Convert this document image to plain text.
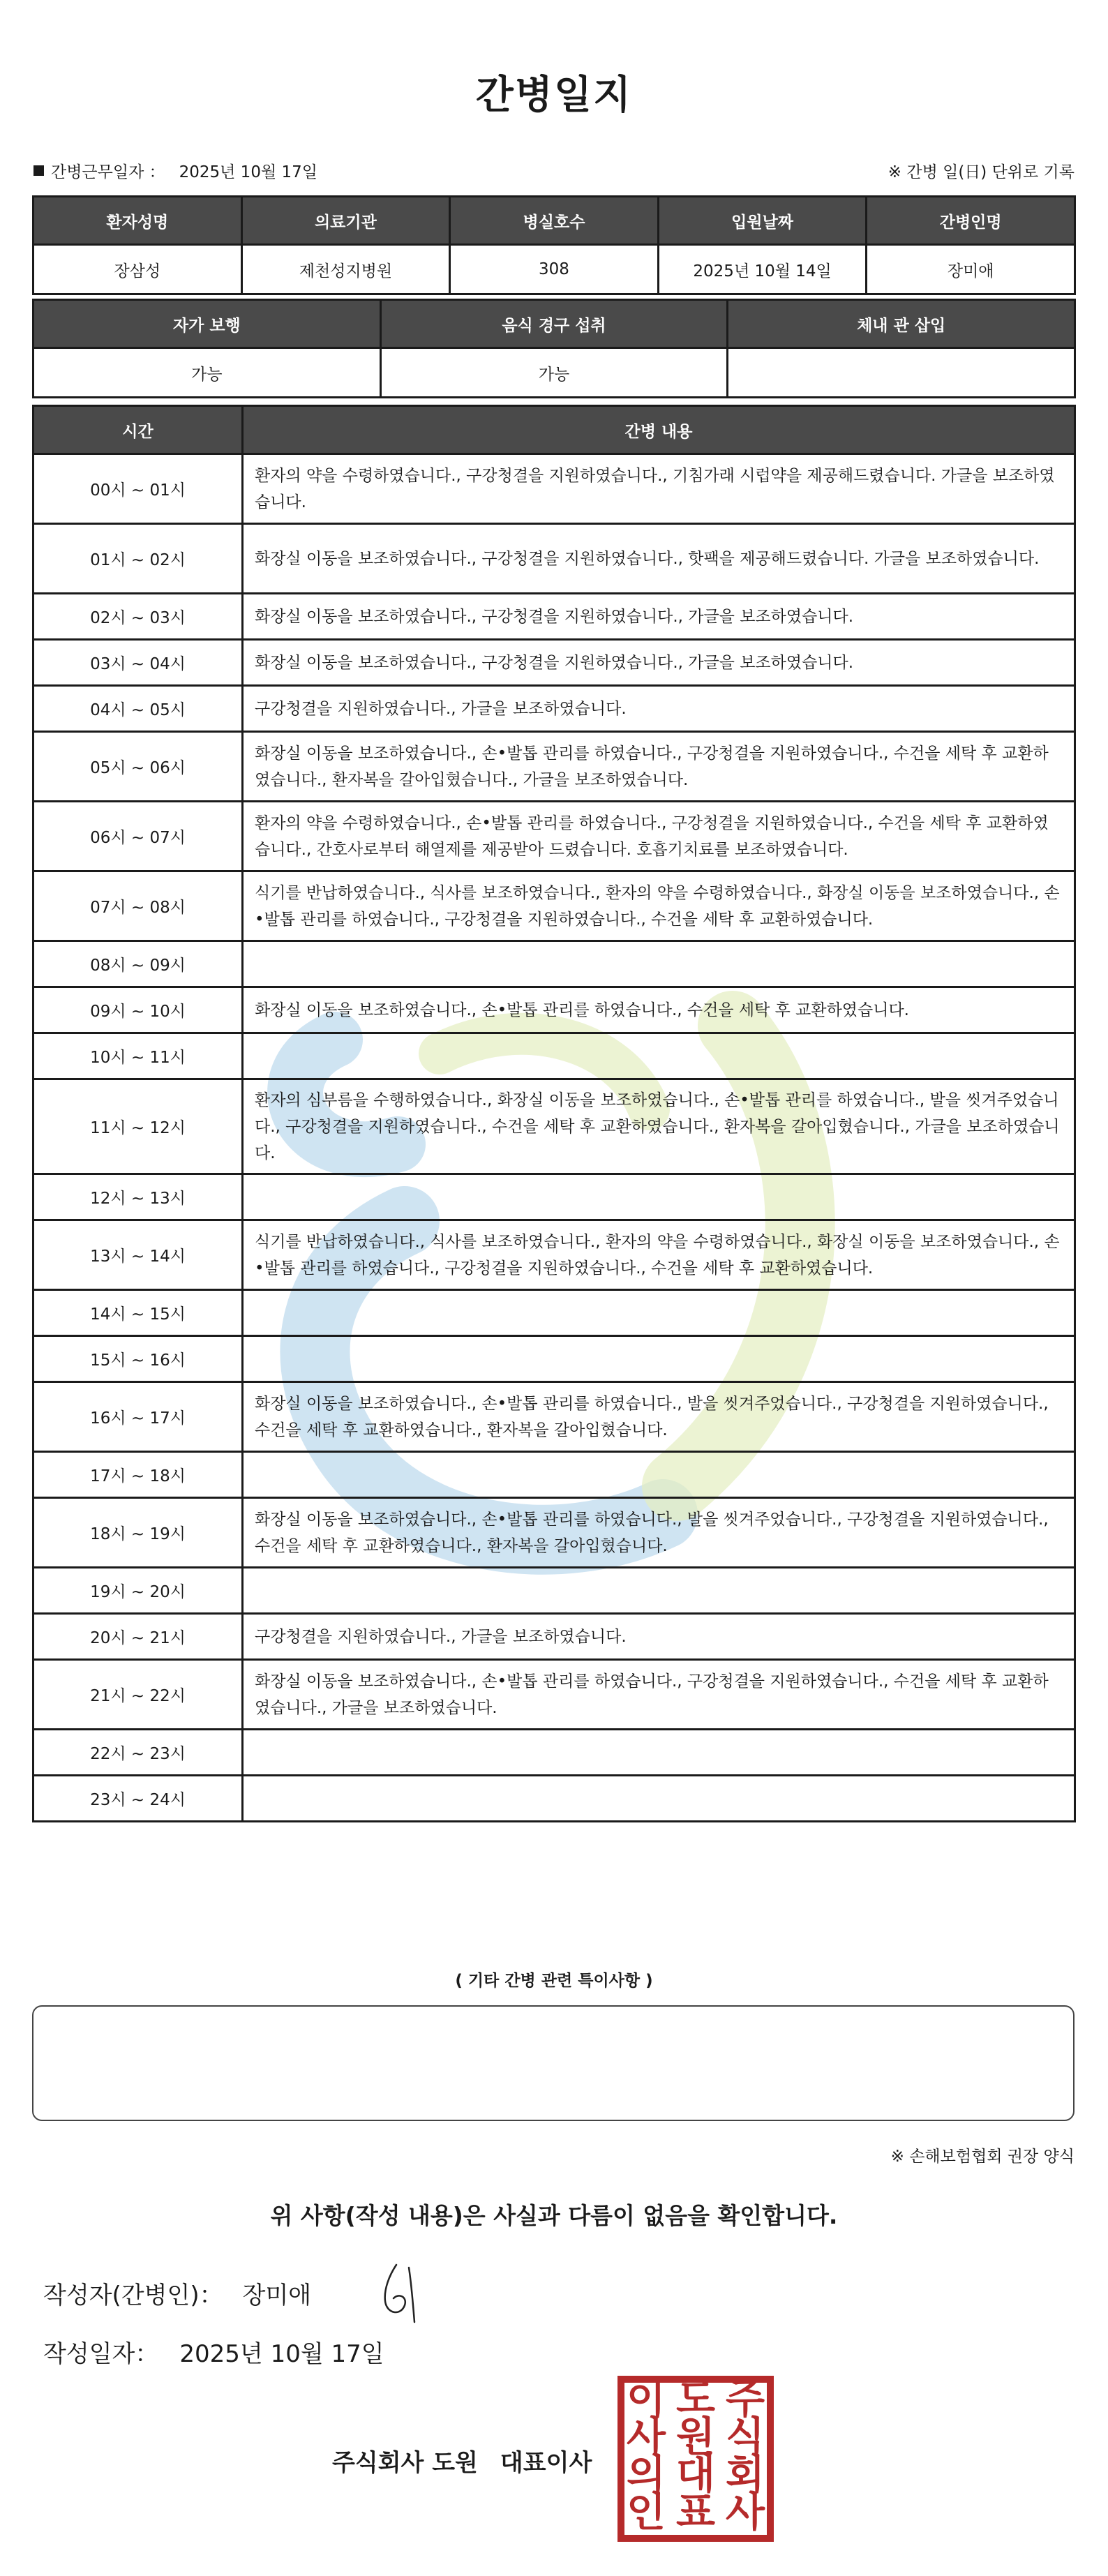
간병일지
간병근무일자 ： 2025년 10월 17일	※ 간병 일(日) 단위로 기록
환자성명	의료기관	병실호수	입원날짜	간병인명
장삼성	제천성지병원	308	2025년 10월 14일	장미애
자가 보행	음식 경구 섭취	체내 관 삽입
가능	가능	
시간	간병 내용
00시 ~ 01시	환자의 약을 수령하였습니다., 구강청결을 지원하였습니다., 기침가래 시럽약을 제공해드렸습니다. 가글을 보조하였습니다.
01시 ~ 02시	화장실 이동을 보조하였습니다., 구강청결을 지원하였습니다., 핫팩을 제공해드렸습니다. 가글을 보조하였습니다.
02시 ~ 03시	화장실 이동을 보조하였습니다., 구강청결을 지원하였습니다., 가글을 보조하였습니다.
03시 ~ 04시	화장실 이동을 보조하였습니다., 구강청결을 지원하였습니다., 가글을 보조하였습니다.
04시 ~ 05시	구강청결을 지원하였습니다., 가글을 보조하였습니다.
05시 ~ 06시	화장실 이동을 보조하였습니다., 손•발톱 관리를 하였습니다., 구강청결을 지원하였습니다., 수건을 세탁 후 교환하였습니다., 환자복을 갈아입혔습니다., 가글을 보조하였습니다.
06시 ~ 07시	환자의 약을 수령하였습니다., 손•발톱 관리를 하였습니다., 구강청결을 지원하였습니다., 수건을 세탁 후 교환하였습니다., 간호사로부터 해열제를 제공받아 드렸습니다. 호흡기치료를 보조하였습니다.
07시 ~ 08시	식기를 반납하였습니다., 식사를 보조하였습니다., 환자의 약을 수령하였습니다., 화장실 이동을 보조하였습니다., 손•발톱 관리를 하였습니다., 구강청결을 지원하였습니다., 수건을 세탁 후 교환하였습니다.
08시 ~ 09시	
09시 ~ 10시	화장실 이동을 보조하였습니다., 손•발톱 관리를 하였습니다., 수건을 세탁 후 교환하였습니다.
10시 ~ 11시	
11시 ~ 12시	환자의 심부름을 수행하였습니다., 화장실 이동을 보조하였습니다., 손•발톱 관리를 하였습니다., 발을 씻겨주었습니다., 구강청결을 지원하였습니다., 수건을 세탁 후 교환하였습니다., 환자복을 갈아입혔습니다., 가글을 보조하였습니다.
12시 ~ 13시	
13시 ~ 14시	식기를 반납하였습니다., 식사를 보조하였습니다., 환자의 약을 수령하였습니다., 화장실 이동을 보조하였습니다., 손•발톱 관리를 하였습니다., 구강청결을 지원하였습니다., 수건을 세탁 후 교환하였습니다.
14시 ~ 15시	
15시 ~ 16시	
16시 ~ 17시	화장실 이동을 보조하였습니다., 손•발톱 관리를 하였습니다., 발을 씻겨주었습니다., 구강청결을 지원하였습니다., 수건을 세탁 후 교환하였습니다., 환자복을 갈아입혔습니다.
17시 ~ 18시	
18시 ~ 19시	화장실 이동을 보조하였습니다., 손•발톱 관리를 하였습니다., 발을 씻겨주었습니다., 구강청결을 지원하였습니다., 수건을 세탁 후 교환하였습니다., 환자복을 갈아입혔습니다.
19시 ~ 20시	
20시 ~ 21시	구강청결을 지원하였습니다., 가글을 보조하였습니다.
21시 ~ 22시	화장실 이동을 보조하였습니다., 손•발톱 관리를 하였습니다., 구강청결을 지원하였습니다., 수건을 세탁 후 교환하였습니다., 가글을 보조하였습니다.
22시 ~ 23시	
23시 ~ 24시	
( 기타 간병 관련 특이사항 )
※ 손해보험협회 권장 양식
위 사항(작성 내용)은 사실과 다름이 없음을 확인합니다.
작성자(간병인)： 장미애
작성일자： 2025년 10월 17일
주식회사 도원 대표이사
주
식
회
사
도
원
대
표
이
사
의
인
